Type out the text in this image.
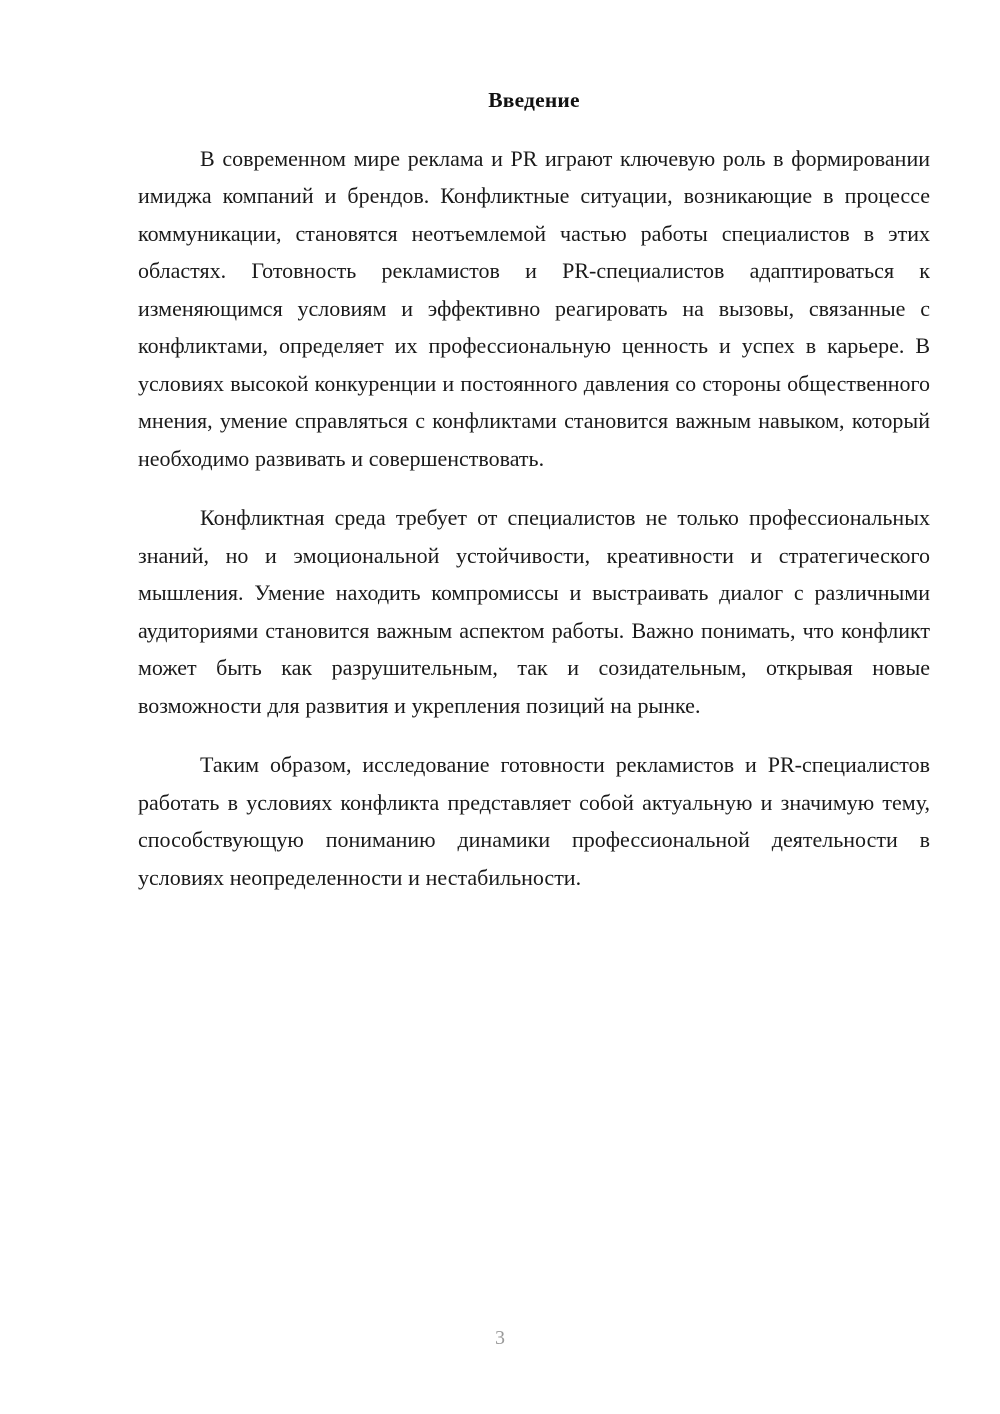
Введение

В современном мире реклама и PR играют ключевую роль в формировании имиджа компаний и брендов. Конфликтные ситуации, возникающие в процессе коммуникации, становятся неотъемлемой частью работы специалистов в этих областях. Готовность рекламистов и PR-специалистов адаптироваться к изменяющимся условиям и эффективно реагировать на вызовы, связанные с конфликтами, определяет их профессиональную ценность и успех в карьере. В условиях высокой конкуренции и постоянного давления со стороны общественного мнения, умение справляться с конфликтами становится важным навыком, который необходимо развивать и совершенствовать.

Конфликтная среда требует от специалистов не только профессиональных знаний, но и эмоциональной устойчивости, креативности и стратегического мышления. Умение находить компромиссы и выстраивать диалог с различными аудиториями становится важным аспектом работы. Важно понимать, что конфликт может быть как разрушительным, так и созидательным, открывая новые возможности для развития и укрепления позиций на рынке.

Таким образом, исследование готовности рекламистов и PR-специалистов работать в условиях конфликта представляет собой актуальную и значимую тему, способствующую пониманию динамики профессиональной деятельности в условиях неопределенности и нестабильности.

3
